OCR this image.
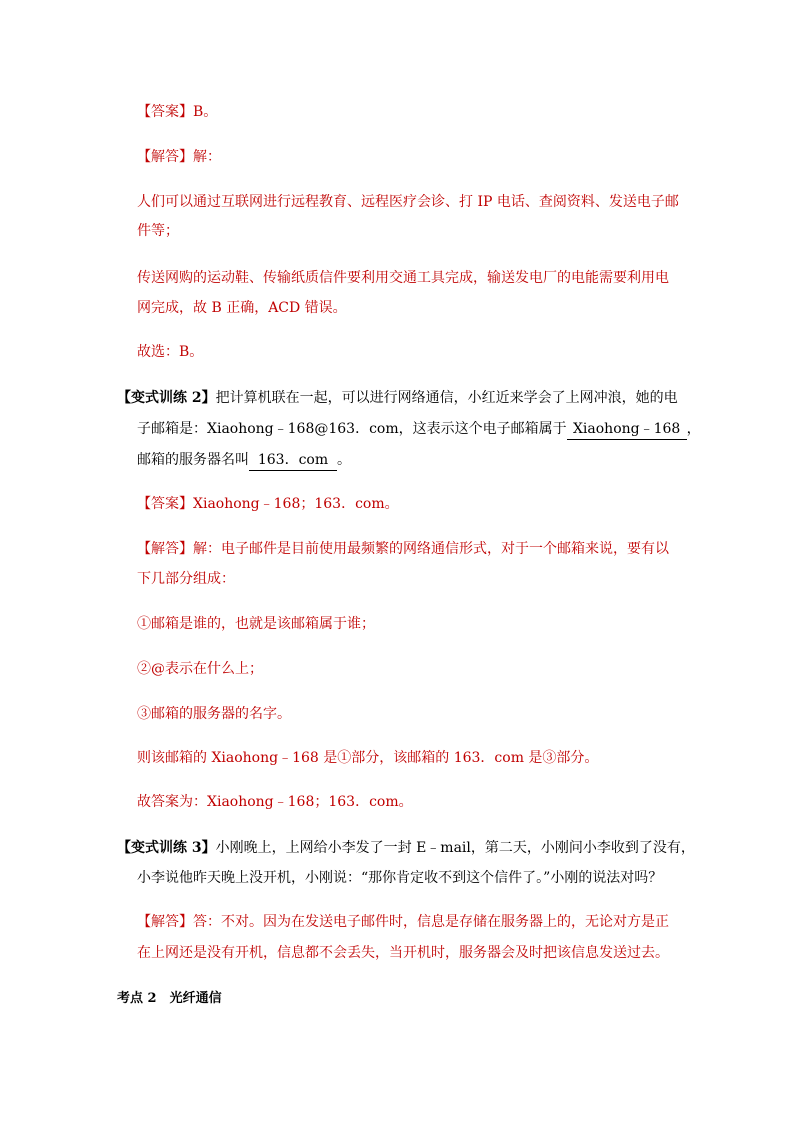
【答案】B。
【解答】解：
人们可以通过互联网进行远程教育、远程医疗会诊、打 IP 电话、查阅资料、发送电子邮
件等；
传送网购的运动鞋、传输纸质信件要利用交通工具完成，输送发电厂的电能需要利用电
网完成，故 B 正确，ACD 错误。
故选：B。
【变式训练 2】把计算机联在一起，可以进行网络通信，小红近来学会了上网冲浪，她的电
子邮箱是：Xiaohong﹣168@163．com，这表示这个电子邮箱属于 Xiaohong﹣168 ，
邮箱的服务器名叫 163．com 。
【答案】Xiaohong﹣168；163．com。
【解答】解：电子邮件是目前使用最频繁的网络通信形式，对于一个邮箱来说，要有以
下几部分组成：
①邮箱是谁的，也就是该邮箱属于谁；
②@表示在什么上；
③邮箱的服务器的名字。
则该邮箱的 Xiaohong﹣168 是①部分，该邮箱的 163．com 是③部分。
故答案为：Xiaohong﹣168；163．com。
【变式训练 3】小刚晚上，上网给小李发了一封 E﹣mail，第二天，小刚问小李收到了没有，
小李说他昨天晚上没开机，小刚说：“那你肯定收不到这个信件了。”小刚的说法对吗？
【解答】答：不对。因为在发送电子邮件时，信息是存储在服务器上的，无论对方是正
在上网还是没有开机，信息都不会丢失，当开机时，服务器会及时把该信息发送过去。
考点 2　光纤通信
